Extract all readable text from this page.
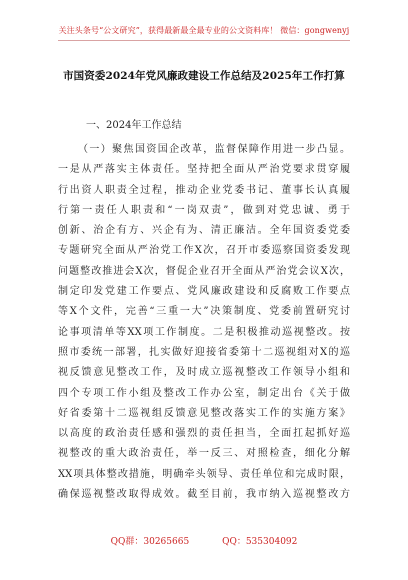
关注头条号“公文研究”，获得最新最全最专业的公文资料库！ 微信：gongwenyj
市国资委2024年党风廉政建设工作总结及2025年工作打算
一、2024年工作总结
（一）聚焦国资国企改革，监督保障作用进一步凸显。
一是从严落实主体责任。坚持把全面从严治党要求贯穿履
行出资人职责全过程，推动企业党委书记、董事长认真履
行第一责任人职责和“一岗双责”，做到对党忠诚、勇于
创新、治企有方、兴企有为、清正廉洁。全年国资委党委
专题研究全面从严治党工作X次，召开市委巡察国资委发现
问题整改推进会X次，督促企业召开全面从严治党会议X次，
制定印发党建工作要点、党风廉政建设和反腐败工作要点
等X个文件，完善“三重一大”决策制度、党委前置研究讨
论事项清单等XX项工作制度。二是积极推动巡视整改。按
照市委统一部署，扎实做好迎接省委第十二巡视组对X的巡
视反馈意见整改工作，及时成立巡视整改工作领导小组和
四个专项工作小组及整改工作办公室，制定出台《关于做
好省委第十二巡视组反馈意见整改落实工作的实施方案》
以高度的政治责任感和强烈的责任担当，全面扛起抓好巡
视整改的重大政治责任，举一反三、对照检查，细化分解
XX项具体整改措施，明确牵头领导、责任单位和完成时限，
确保巡视整改取得成效。截至目前，我市纳入巡视整改方
QQ群：30265665	QQ：535304092
